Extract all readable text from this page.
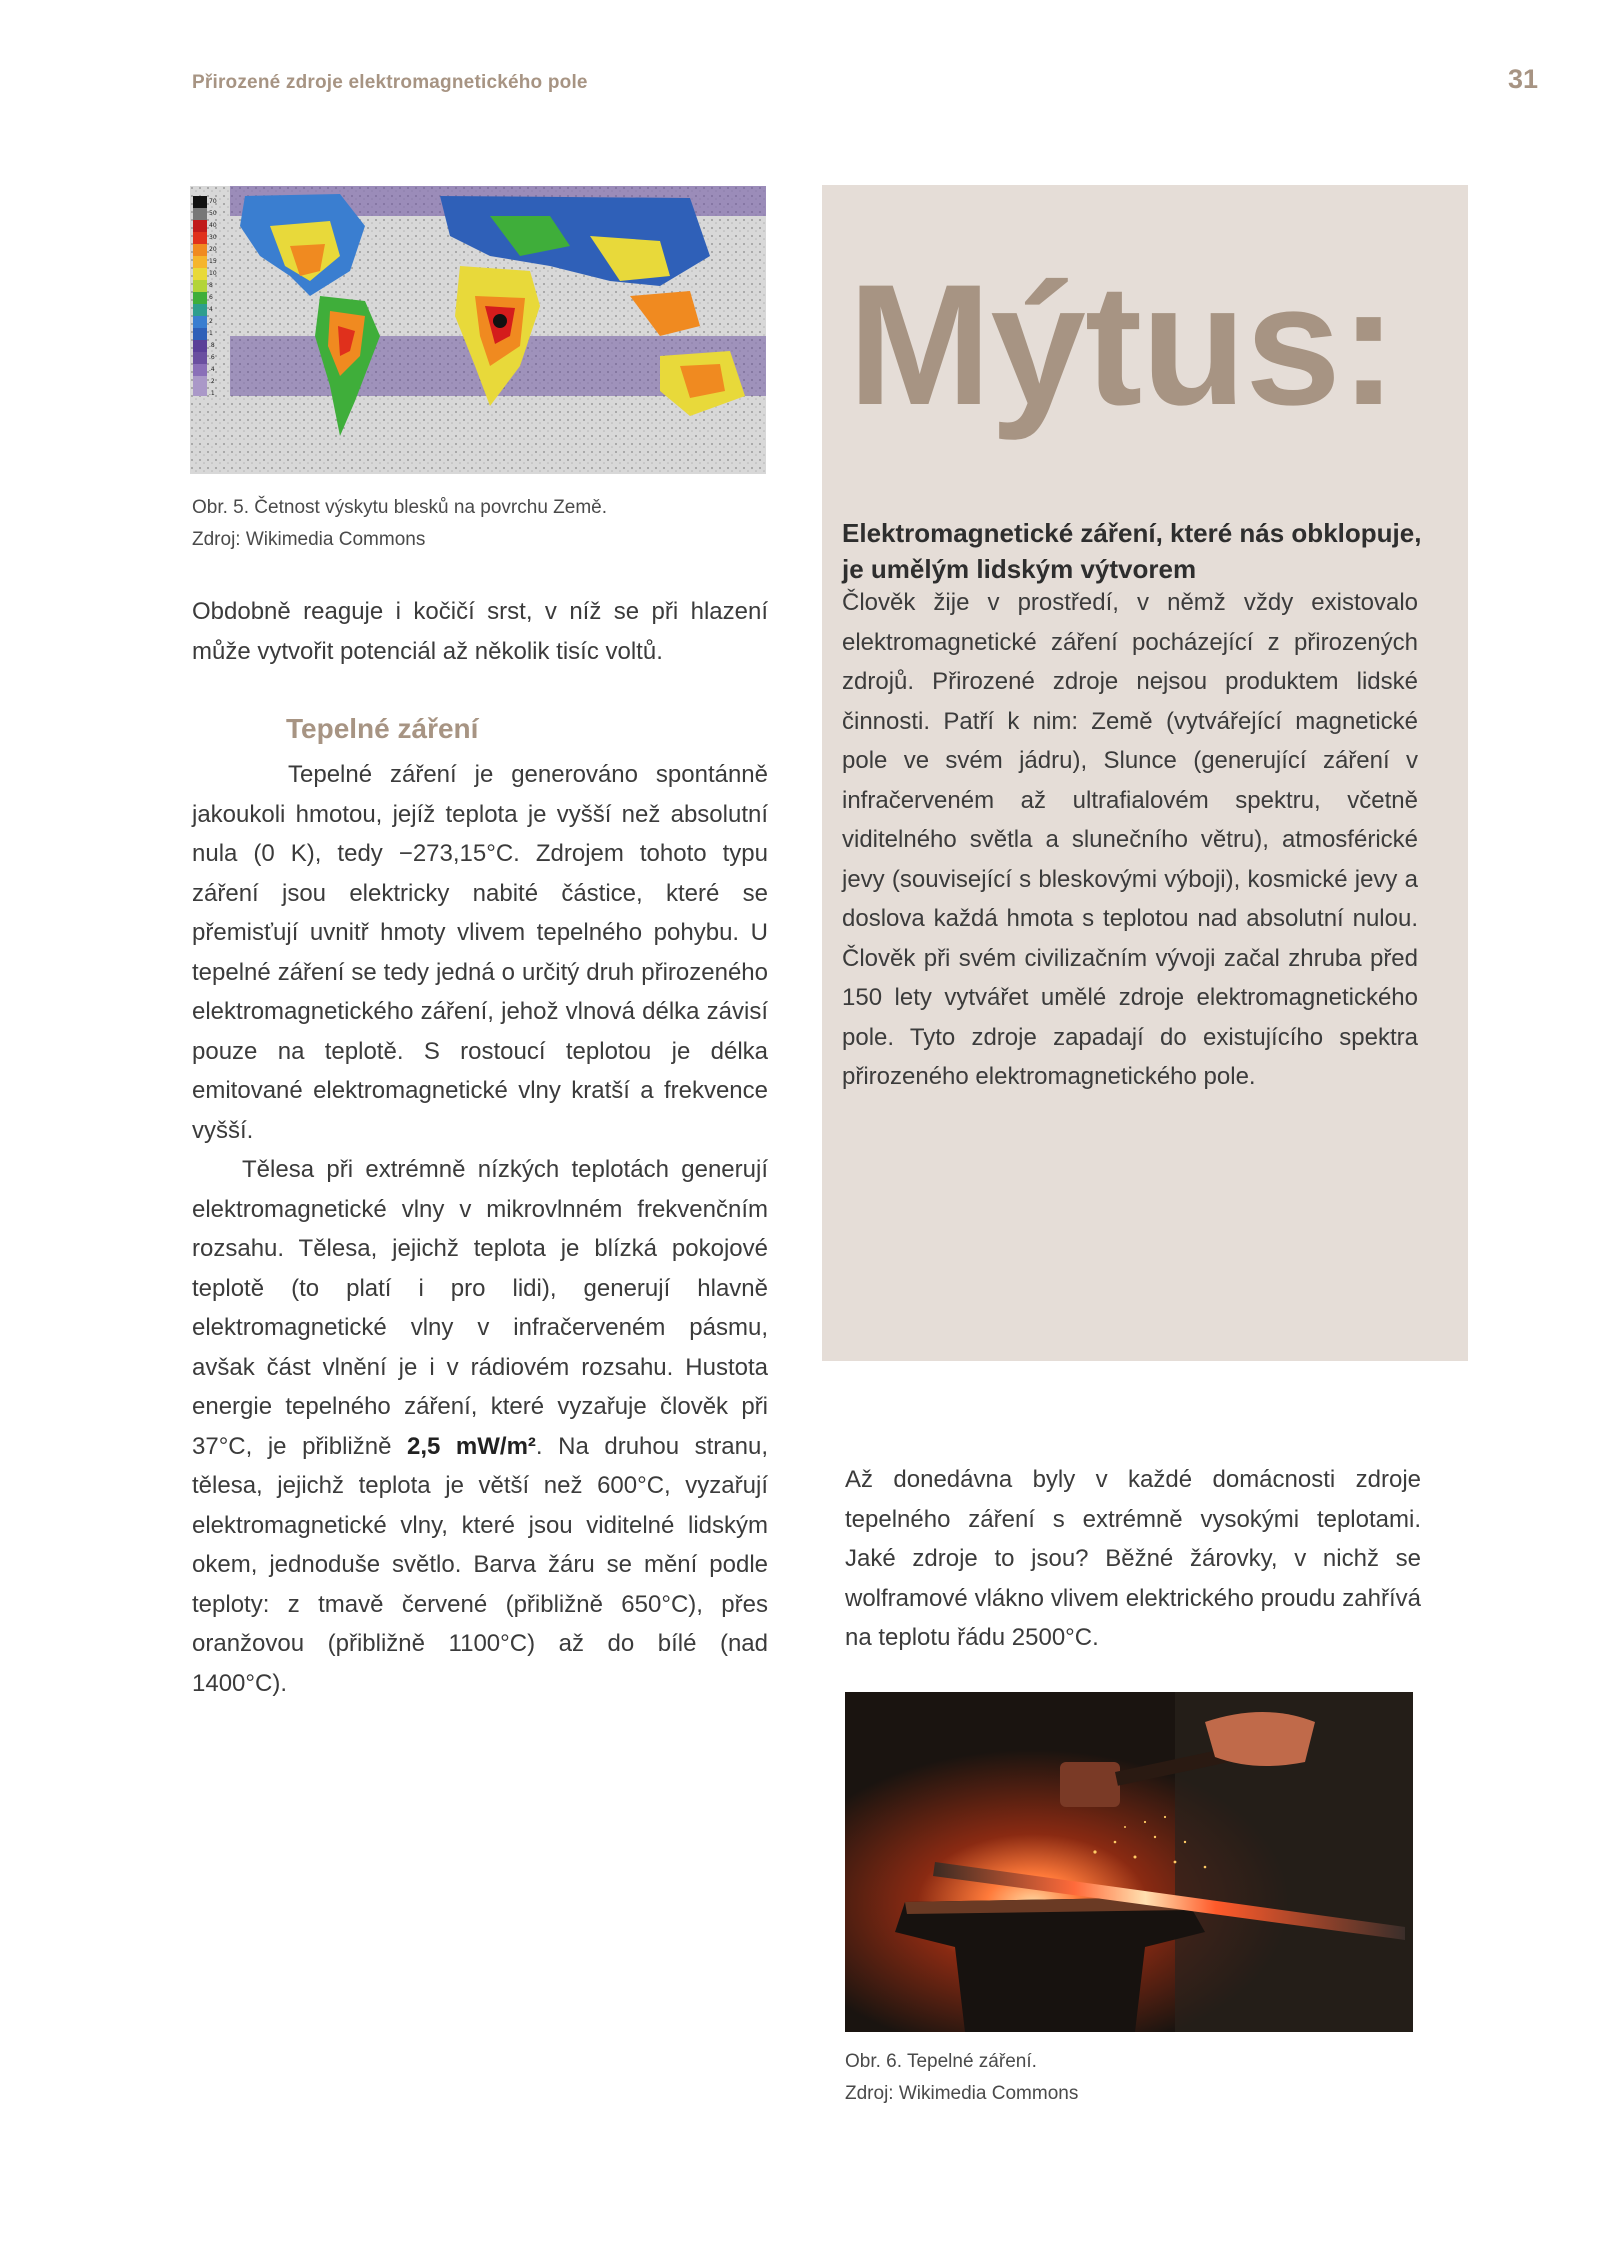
Přirozené zdroje elektromagnetického pole	31
70
50
40
30
20
15
10
8
6
4
2
1
.8
.6
.4
.2
.1
Obr. 5. Četnost výskytu blesků na povrchu Země.
Zdroj: Wikimedia Commons
Obdobně reaguje i kočičí srst, v níž se při hlazení může vytvořit potenciál až několik tisíc voltů.
Tepelné záření

Tepelné záření je generováno spontánně jakoukoli hmotou, jejíž teplota je vyšší než absolutní nula (0 K), tedy −273,15°C. Zdrojem tohoto typu záření jsou elektricky nabité částice, které se přemisťují uvnitř hmoty vlivem tepelného pohybu. U tepelné záření se tedy jedná o určitý druh přirozeného elektromagnetického záření, jehož vlnová délka závisí pouze na teplotě. S rostoucí teplotou je délka emitované elektromagnetické vlny kratší a frekvence vyšší.

Tělesa při extrémně nízkých teplotách generují elektromagnetické vlny v mikrovlnném frekvenčním rozsahu. Tělesa, jejichž teplota je blízká pokojové teplotě (to platí i pro lidi), generují hlavně elektromagnetické vlny v infračerveném pásmu, avšak část vlnění je i v rádiovém rozsahu. Hustota energie tepelného záření, které vyzařuje člověk při 37°C, je přibližně 2,5 mW/m². Na druhou stranu, tělesa, jejichž teplota je větší než 600°C, vyzařují elektromagnetické vlny, které jsou viditelné lidským okem, jednoduše světlo. Barva žáru se mění podle teploty: z tmavě červené (přibližně 650°C), přes oranžovou (přibližně 1100°C) až do bílé (nad 1400°C).

Mýtus:
Elektromagnetické záření, které nás obklopuje, je umělým lidským výtvorem
Člověk žije v prostředí, v němž vždy existovalo elektromagnetické záření pocházející z přirozených zdrojů. Přirozené zdroje nejsou produktem lidské činnosti. Patří k nim: Země (vytvářející magnetické pole ve svém jádru), Slunce (generující záření v infračerveném až ultrafialovém spektru, včetně viditelného světla a slunečního větru), atmosférické jevy (související s bleskovými výboji), kosmické jevy a doslova každá hmota s teplotou nad absolutní nulou. Člověk při svém civilizačním vývoji začal zhruba před 150 lety vytvářet umělé zdroje elektromagnetického pole. Tyto zdroje zapadají do existujícího spektra přirozeného elektromagnetického pole.
Až donedávna byly v každé domácnosti zdroje tepelného záření s extrémně vysokými teplotami. Jaké zdroje to jsou? Běžné žárovky, v nichž se wolframové vlákno vlivem elektrického proudu zahřívá na teplotu řádu 2500°C.
Obr. 6. Tepelné záření.
Zdroj: Wikimedia Commons
